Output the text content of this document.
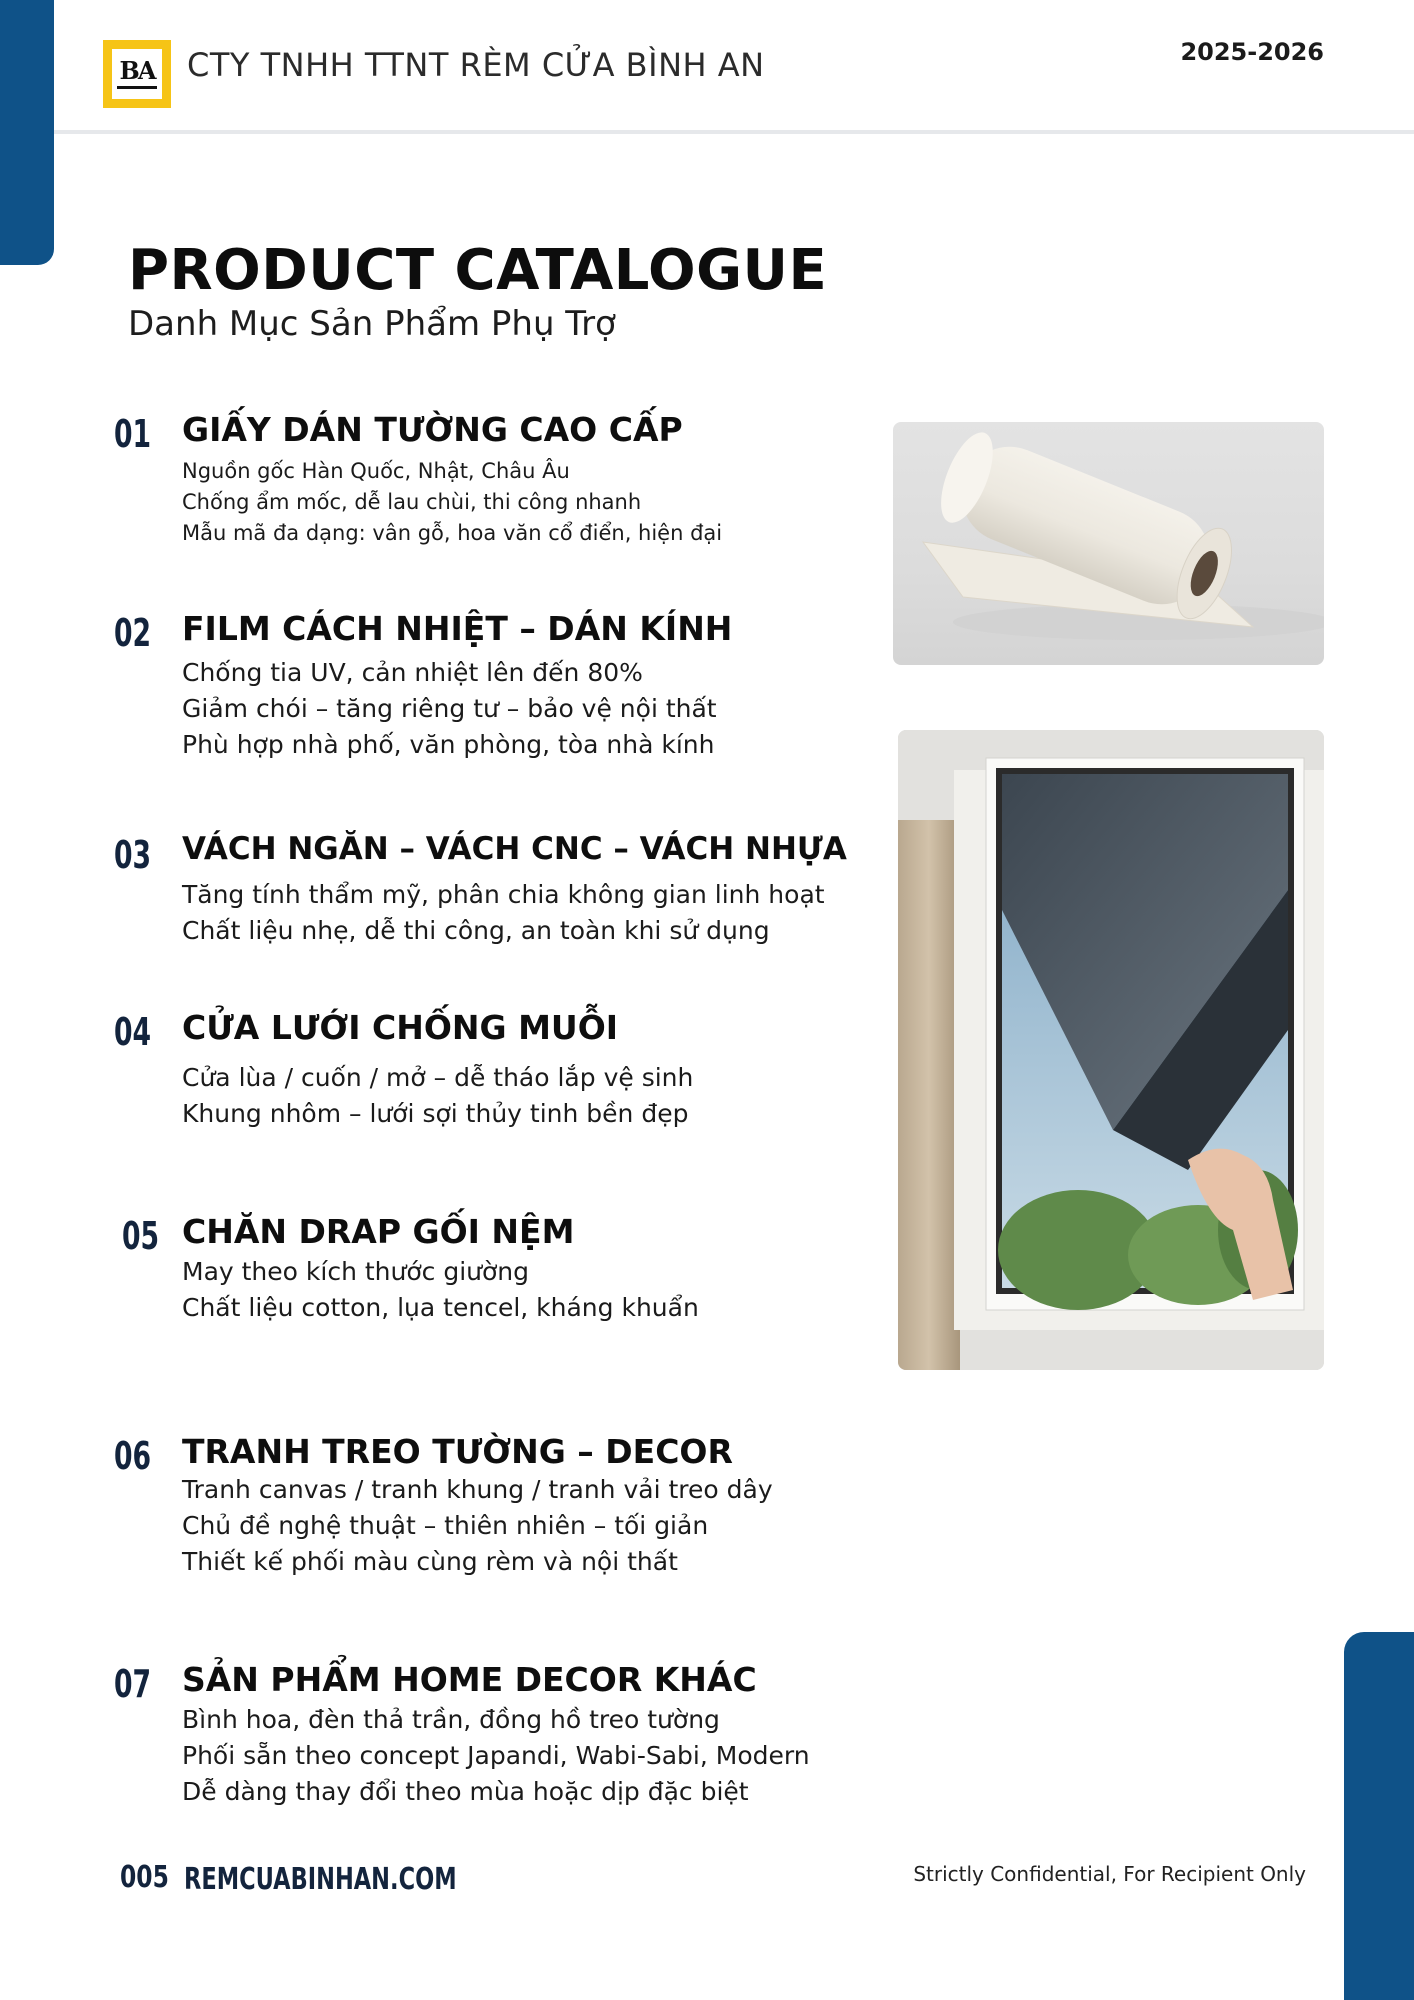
BA CTY TNHH TTNT RÈM CỬA BÌNH AN	2025-2026
PRODUCT CATALOGUE
Danh Mục Sản Phẩm Phụ Trợ
01 GIẤY DÁN TƯỜNG CAO CẤP
Nguồn gốc Hàn Quốc, Nhật, Châu Âu
Chống ẩm mốc, dễ lau chùi, thi công nhanh
Mẫu mã đa dạng: vân gỗ, hoa văn cổ điển, hiện đại
02 FILM CÁCH NHIỆT – DÁN KÍNH
Chống tia UV, cản nhiệt lên đến 80%
Giảm chói – tăng riêng tư – bảo vệ nội thất
Phù hợp nhà phố, văn phòng, tòa nhà kính
03 VÁCH NGĂN – VÁCH CNC – VÁCH NHỰA
Tăng tính thẩm mỹ, phân chia không gian linh hoạt
Chất liệu nhẹ, dễ thi công, an toàn khi sử dụng
04 CỬA LƯỚI CHỐNG MUỖI
Cửa lùa / cuốn / mở – dễ tháo lắp vệ sinh
Khung nhôm – lưới sợi thủy tinh bền đẹp
05 CHĂN DRAP GỐI NỆM
May theo kích thước giường
Chất liệu cotton, lụa tencel, kháng khuẩn
06 TRANH TREO TƯỜNG – DECOR
Tranh canvas / tranh khung / tranh vải treo dây
Chủ đề nghệ thuật – thiên nhiên – tối giản
Thiết kế phối màu cùng rèm và nội thất
07 SẢN PHẨM HOME DECOR KHÁC
Bình hoa, đèn thả trần, đồng hồ treo tường
Phối sẵn theo concept Japandi, Wabi-Sabi, Modern
Dễ dàng thay đổi theo mùa hoặc dịp đặc biệt
005 REMCUABINHAN.COM	Strictly Confidential, For Recipient Only
